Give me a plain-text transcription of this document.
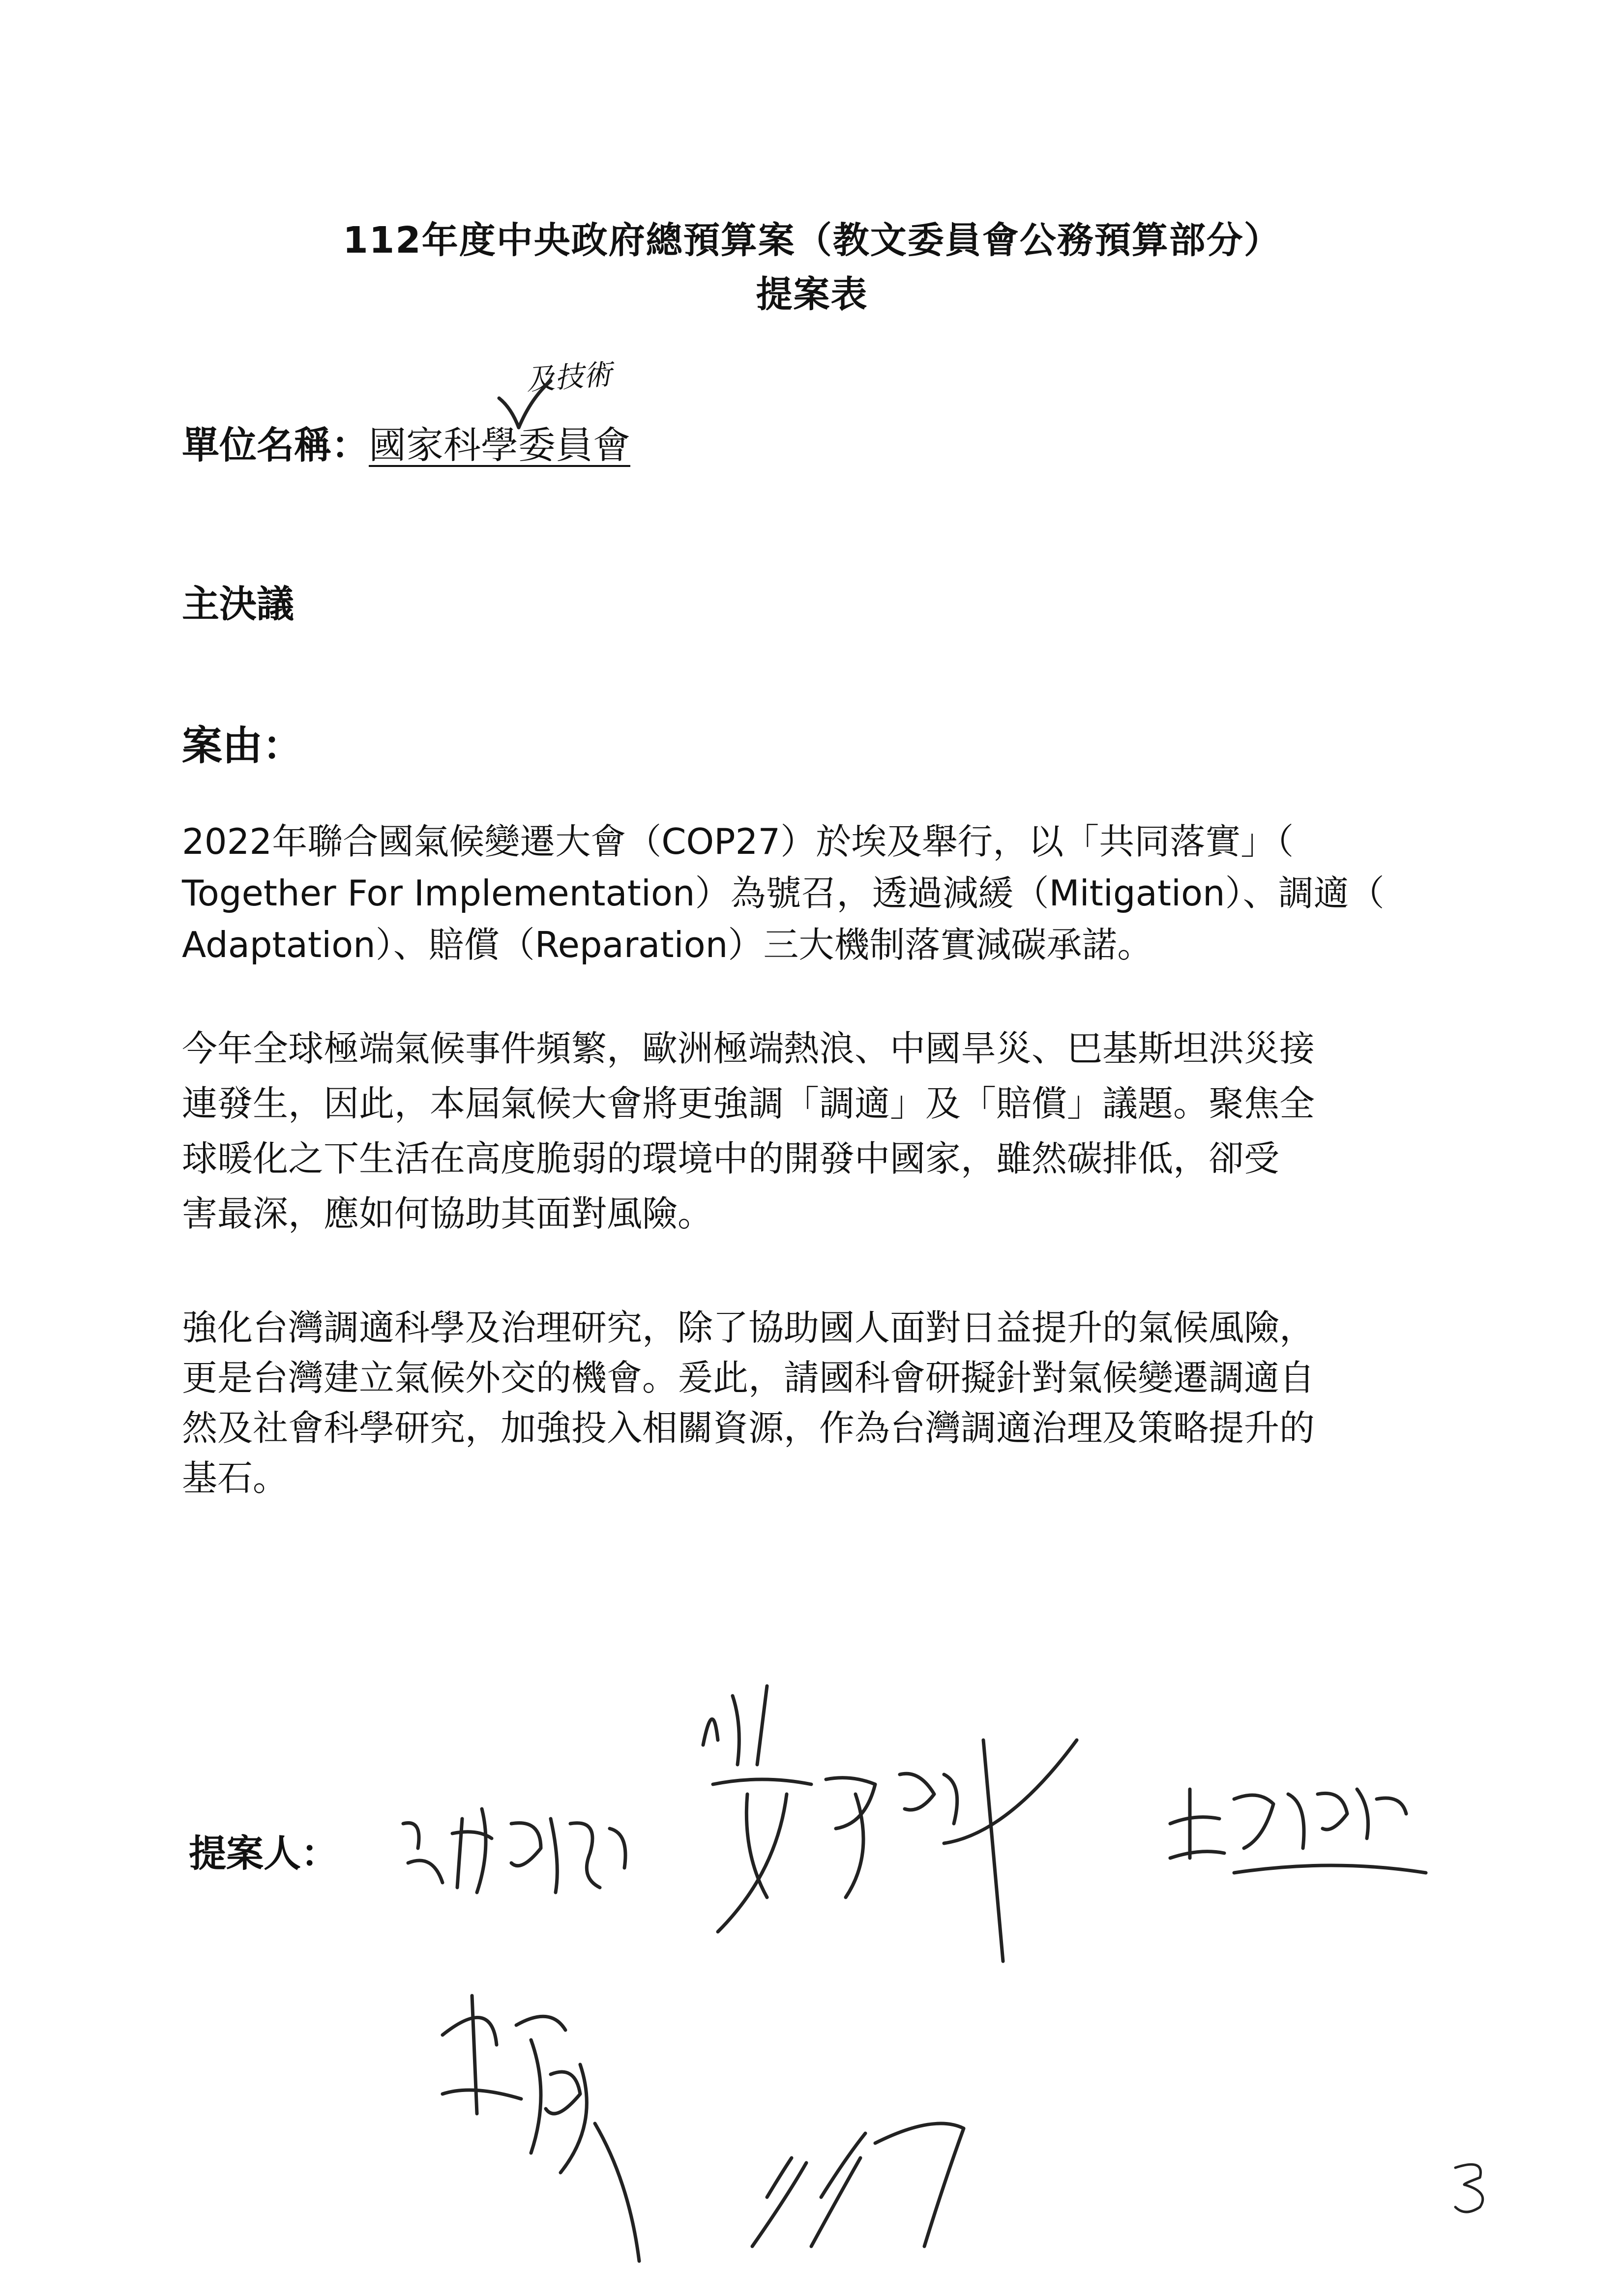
112年度中央政府總預算案（教文委員會公務預算部分）
提案表
及技術
單位名稱：國家科學委員會
主決議
案由：
2022年聯合國氣候變遷大會（COP27）於埃及舉行，以「共同落實」（
Together For Implementation）為號召，透過減緩（Mitigation）、調適（
Adaptation）、賠償（Reparation）三大機制落實減碳承諾。
今年全球極端氣候事件頻繁，歐洲極端熱浪、中國旱災、巴基斯坦洪災接
連發生，因此，本屆氣候大會將更強調「調適」及「賠償」議題。聚焦全
球暖化之下生活在高度脆弱的環境中的開發中國家，雖然碳排低，卻受
害最深，應如何協助其面對風險。
強化台灣調適科學及治理研究，除了協助國人面對日益提升的氣候風險，
更是台灣建立氣候外交的機會。爰此，請國科會研擬針對氣候變遷調適自
然及社會科學研究，加強投入相關資源，作為台灣調適治理及策略提升的
基石。
提案人：
